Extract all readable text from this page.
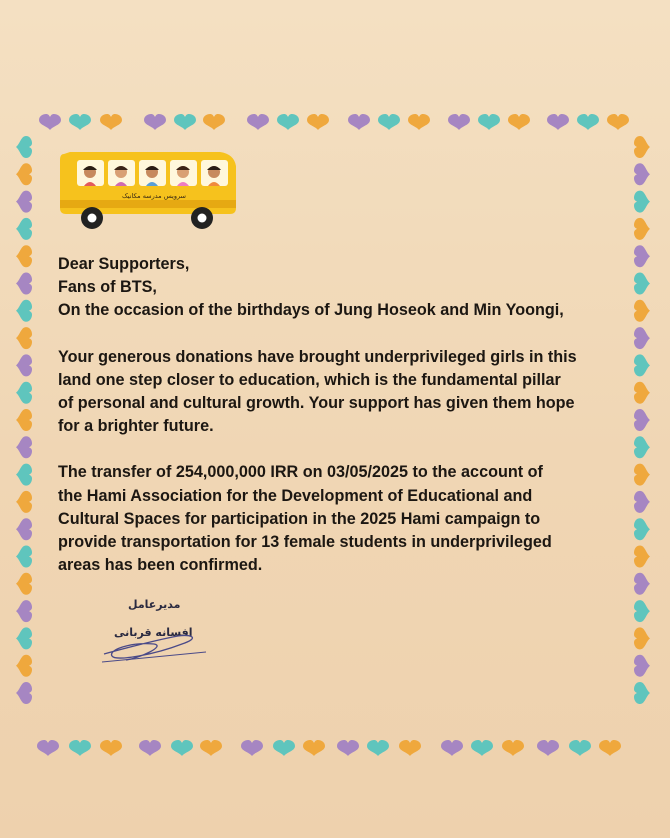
سرویس مدرسه مکانیک
Dear Supporters,
Fans of BTS,
On the occasion of the birthdays of Jung Hoseok and Min Yoongi,
Your generous donations have brought underprivileged girls in this
land one step closer to education, which is the fundamental pillar
of personal and cultural growth. Your support has given them hope
for a brighter future.
The transfer of 254,000,000 IRR on 03/05/2025 to the account of
the Hami Association for the Development of Educational and
Cultural Spaces for participation in the 2025 Hami campaign to
provide transportation for 13 female students in underprivileged
areas has been confirmed.
مدیرعامل
افسانه قربانی
